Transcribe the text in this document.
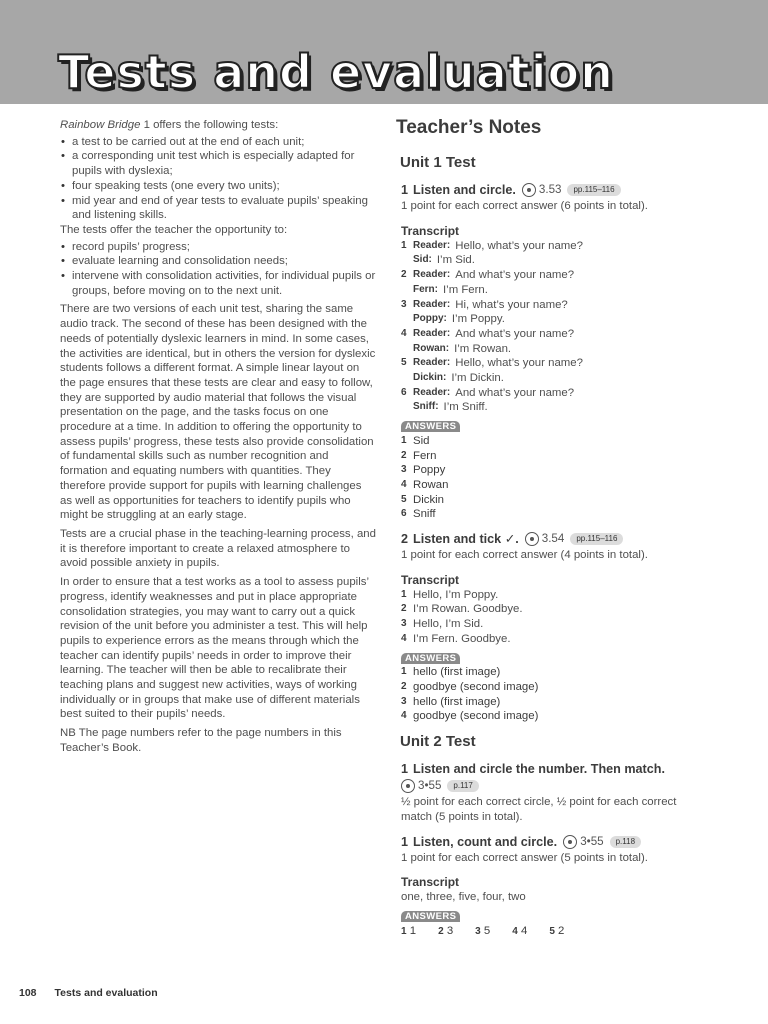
Tests and evaluation

Rainbow Bridge 1 offers the following tests:

• a test to be carried out at the end of each unit;
• a corresponding unit test which is especially adapted for pupils with dyslexia;
• four speaking tests (one every two units);
• mid year and end of year tests to evaluate pupils’ speaking and listening skills.

The tests offer the teacher the opportunity to:

• record pupils’ progress;
• evaluate learning and consolidation needs;
• intervene with consolidation activities, for individual pupils or groups, before moving on to the next unit.

There are two versions of each unit test, sharing the same audio track. The second of these has been designed with the needs of potentially dyslexic learners in mind. In some cases, the activities are identical, but in others the version for dyslexic students follows a different format. A simple linear layout on the page ensures that these tests are clear and easy to follow, they are supported by audio material that follows the visual presentation on the page, and the tasks focus on one procedure at a time. In addition to offering the opportunity to assess pupils’ progress, these tests also provide consolidation of fundamental skills such as number recognition and formation and equating numbers with quantities. They therefore provide support for pupils with learning challenges as well as opportunities for teachers to identify pupils who might be struggling at an early stage.

Tests are a crucial phase in the teaching-learning process, and it is therefore important to create a relaxed atmosphere to avoid possible anxiety in pupils.

In order to ensure that a test works as a tool to assess pupils’ progress, identify weaknesses and put in place appropriate consolidation strategies, you may want to carry out a quick revision of the unit before you administer a test. This will help pupils to experience errors as the means through which the teacher can identify pupils’ needs in order to improve their learning. The teacher will then be able to recalibrate their teaching plans and suggest new activities, ways of working individually or in groups that make use of different materials best suited to their pupils’ needs.

NB The page numbers refer to the page numbers in this Teacher’s Book.

Teacher’s Notes
Unit 1 Test
1 Listen and circle. 3.53	pp.115–116
1 point for each correct answer (6 points in total).
Transcript
1 Reader: Hello, what’s your name?
Sid: I’m Sid.
2 Reader: And what’s your name?
Fern: I’m Fern.
3 Reader: Hi, what’s your name?
Poppy: I’m Poppy.
4 Reader: And what’s your name?
Rowan: I’m Rowan.
5 Reader: Hello, what’s your name?
Dickin: I’m Dickin.
6 Reader: And what’s your name?
Sniff: I’m Sniff.
ANSWERS
1 Sid
2 Fern
3 Poppy
4 Rowan
5 Dickin
6 Sniff
2 Listen and tick ✓. 3.54	pp.115–116
1 point for each correct answer (4 points in total).
Transcript
1 Hello, I’m Poppy.
2 I’m Rowan. Goodbye.
3 Hello, I’m Sid.
4 I’m Fern. Goodbye.
ANSWERS
1 hello (first image)
2 goodbye (second image)
3 hello (first image)
4 goodbye (second image)
Unit 2 Test
1 Listen and circle the number. Then match.
3•55	p.117
½ point for each correct circle, ½ point for each correct match (5 points in total).
1 Listen, count and circle. 3•55	p.118
1 point for each correct answer (5 points in total).
Transcript
one, three, five, four, two
ANSWERS
1 1	2 3	3 5	4 4	5 2
108 Tests and evaluation
